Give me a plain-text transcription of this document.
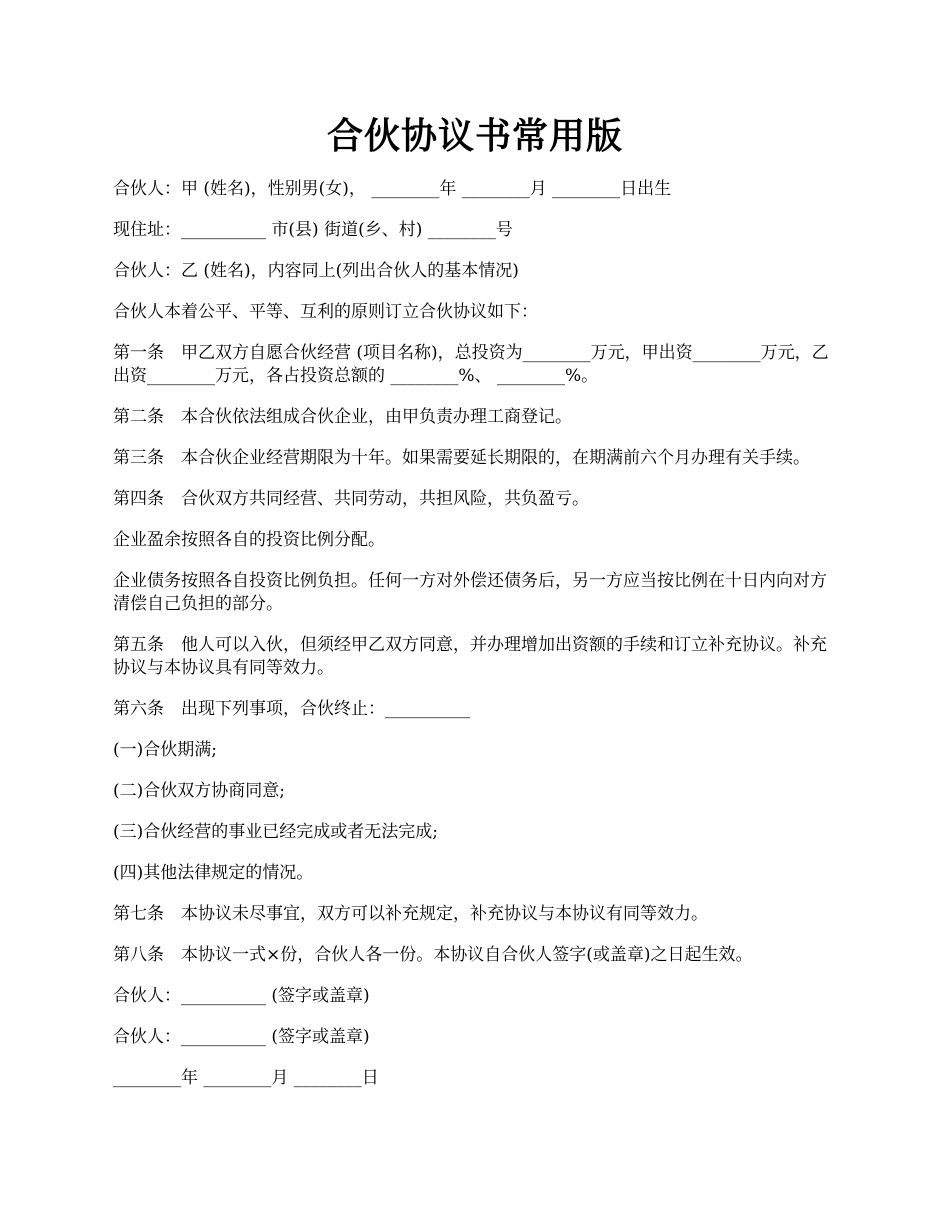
合伙协议书常用版

合伙人：甲 (姓名)，性别男(女)， ________年 ________月 ________日出生

现住址：__________ 市(县) 街道(乡、村) ________号

合伙人：乙 (姓名)，内容同上(列出合伙人的基本情况)

合伙人本着公平、平等、互利的原则订立合伙协议如下：

第一条　甲乙双方自愿合伙经营 (项目名称)，总投资为________万元，甲出资________万元，乙出资________万元，各占投资总额的 ________%、 ________%。

第二条　本合伙依法组成合伙企业，由甲负责办理工商登记。

第三条　本合伙企业经营期限为十年。如果需要延长期限的，在期满前六个月办理有关手续。

第四条　合伙双方共同经营、共同劳动，共担风险，共负盈亏。

企业盈余按照各自的投资比例分配。

企业债务按照各自投资比例负担。任何一方对外偿还债务后，另一方应当按比例在十日内向对方清偿自己负担的部分。

第五条　他人可以入伙，但须经甲乙双方同意，并办理增加出资额的手续和订立补充协议。补充协议与本协议具有同等效力。

第六条　出现下列事项，合伙终止：__________

(一)合伙期满;

(二)合伙双方协商同意;

(三)合伙经营的事业已经完成或者无法完成;

(四)其他法律规定的情况。

第七条　本协议未尽事宜，双方可以补充规定，补充协议与本协议有同等效力。

第八条　本协议一式×份，合伙人各一份。本协议自合伙人签字(或盖章)之日起生效。

合伙人：__________ (签字或盖章)

合伙人：__________ (签字或盖章)

________年 ________月 ________日
